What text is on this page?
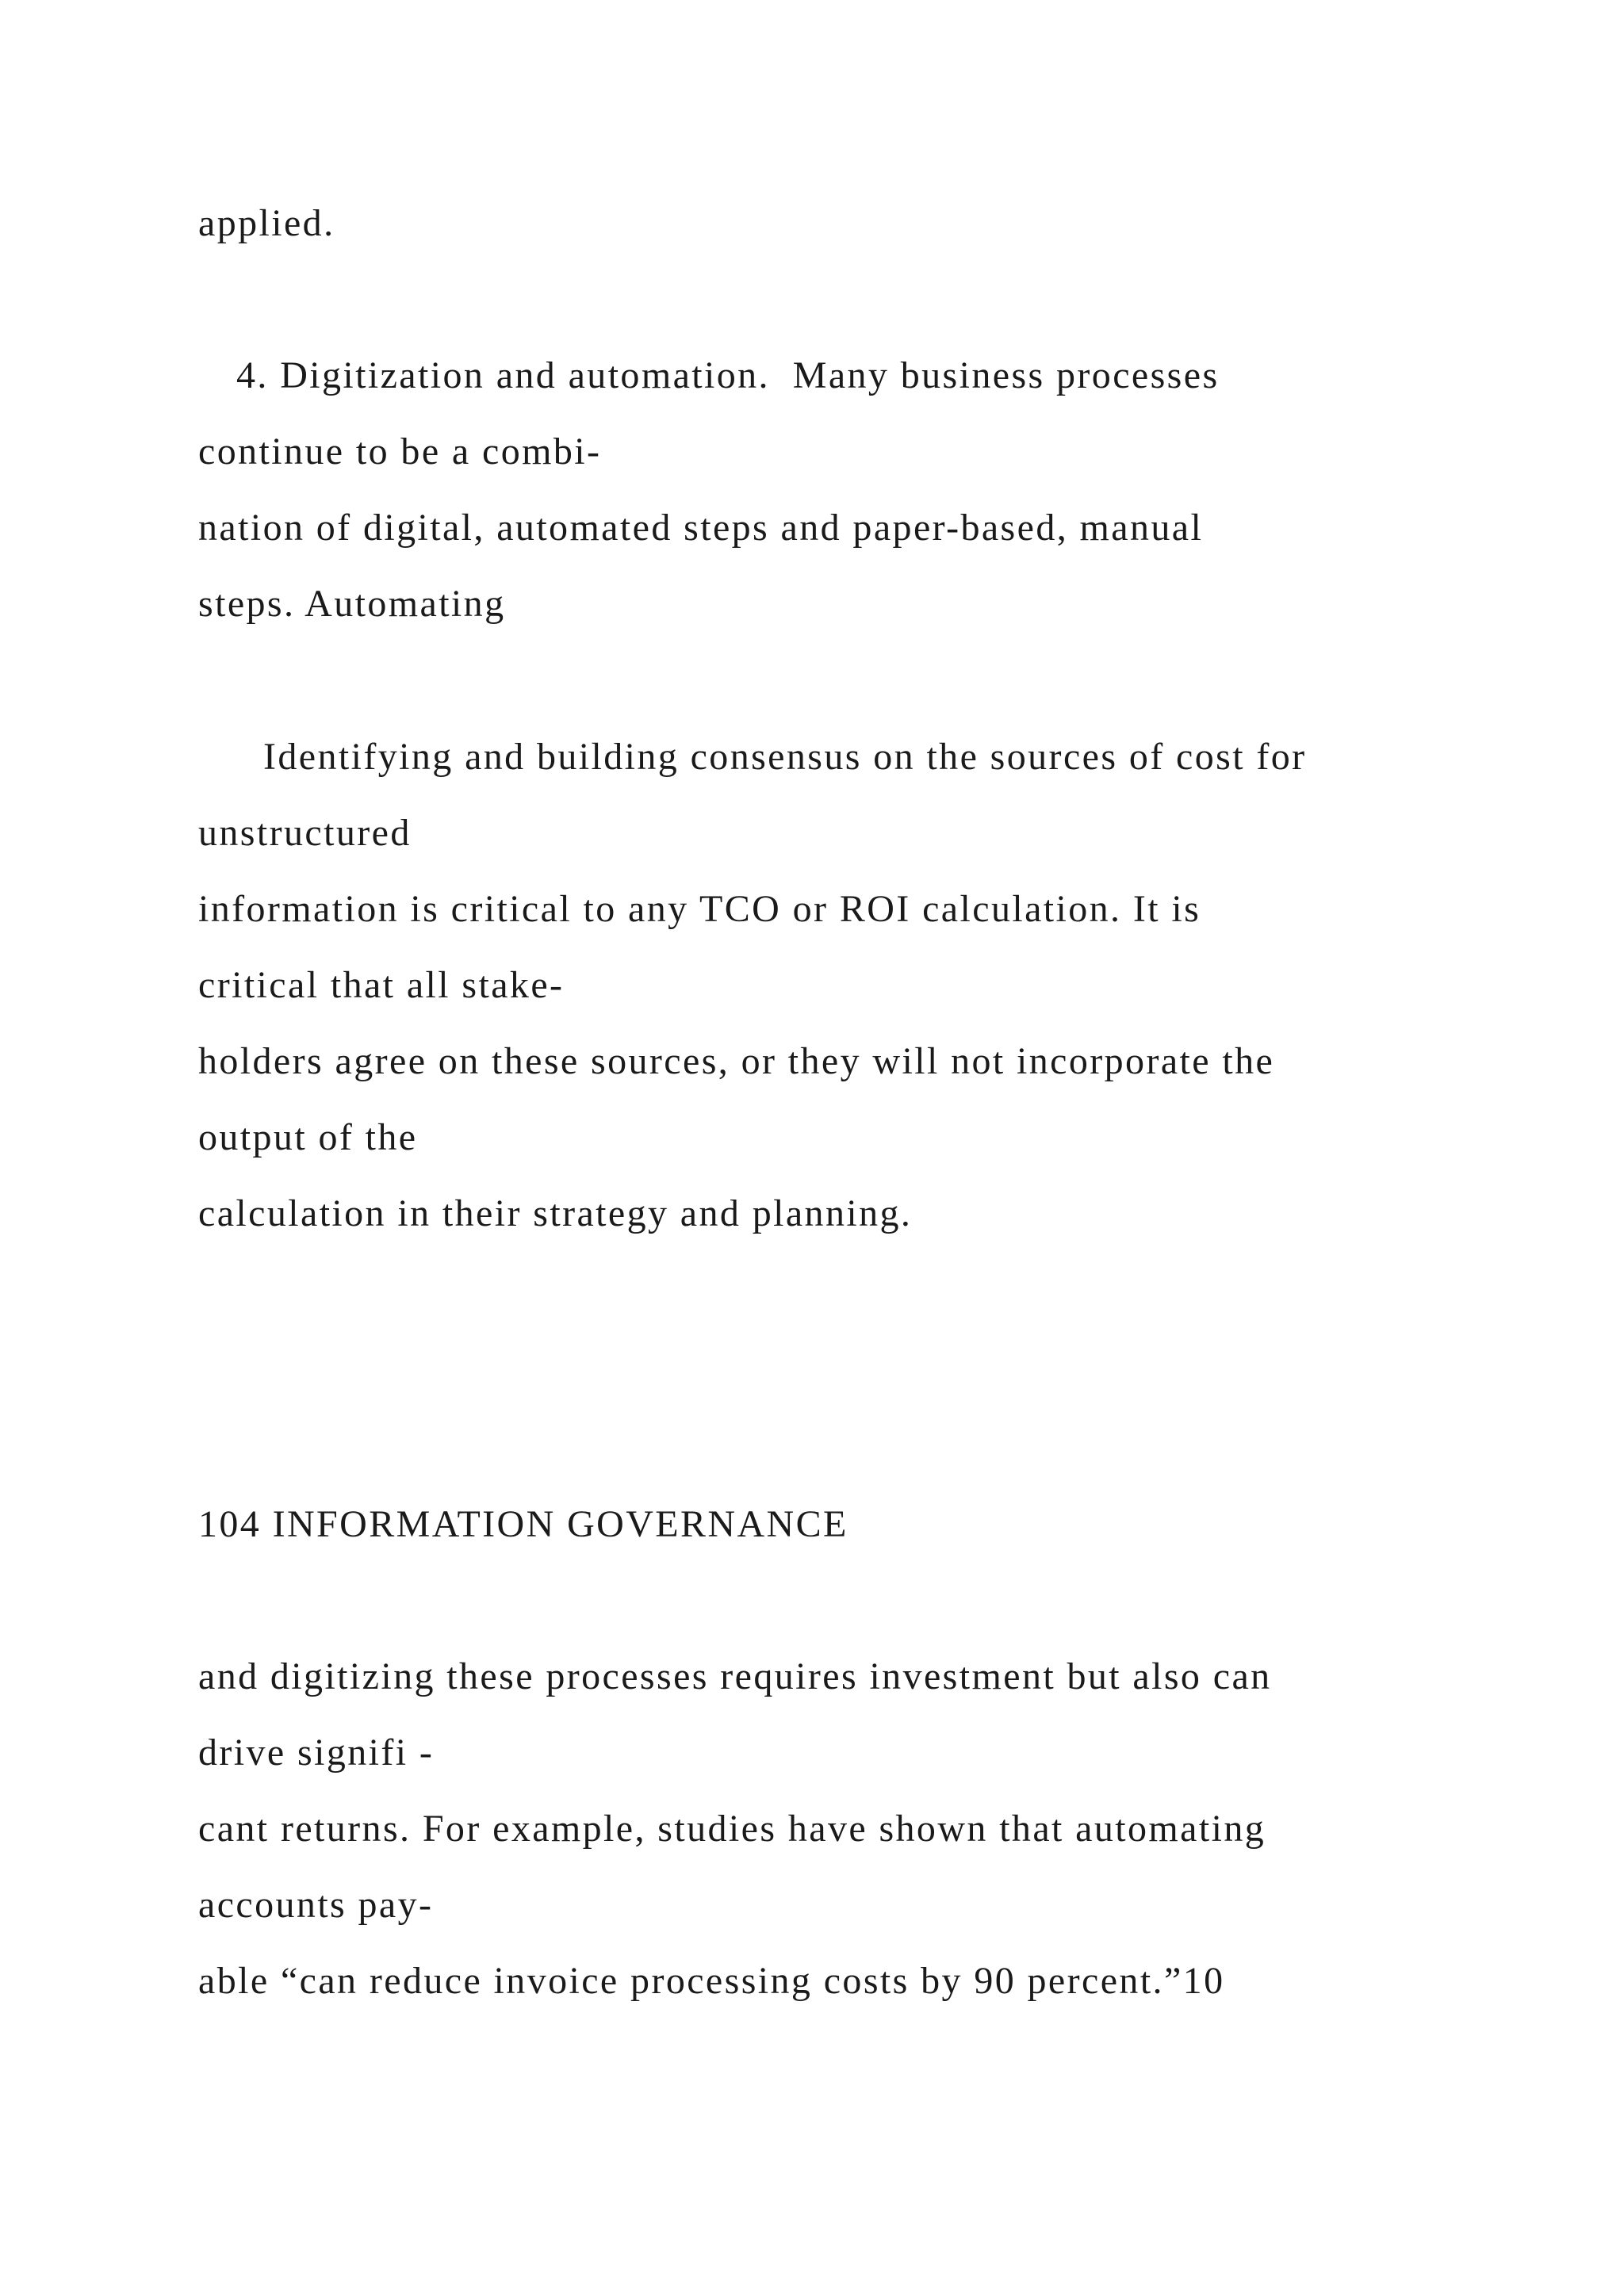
applied.
4. Digitization and automation.  Many business processes
continue to be a combi-
nation of digital, automated steps and paper-based, manual
steps. Automating
Identifying and building consensus on the sources of cost for
unstructured
information is critical to any TCO or ROI calculation. It is
critical that all stake-
holders agree on these sources, or they will not incorporate the
output of the
calculation in their strategy and planning.
104 INFORMATION GOVERNANCE
and digitizing these processes requires investment but also can
drive signifi -
cant returns. For example, studies have shown that automating
accounts pay-
able “can reduce invoice processing costs by 90 percent.”10
